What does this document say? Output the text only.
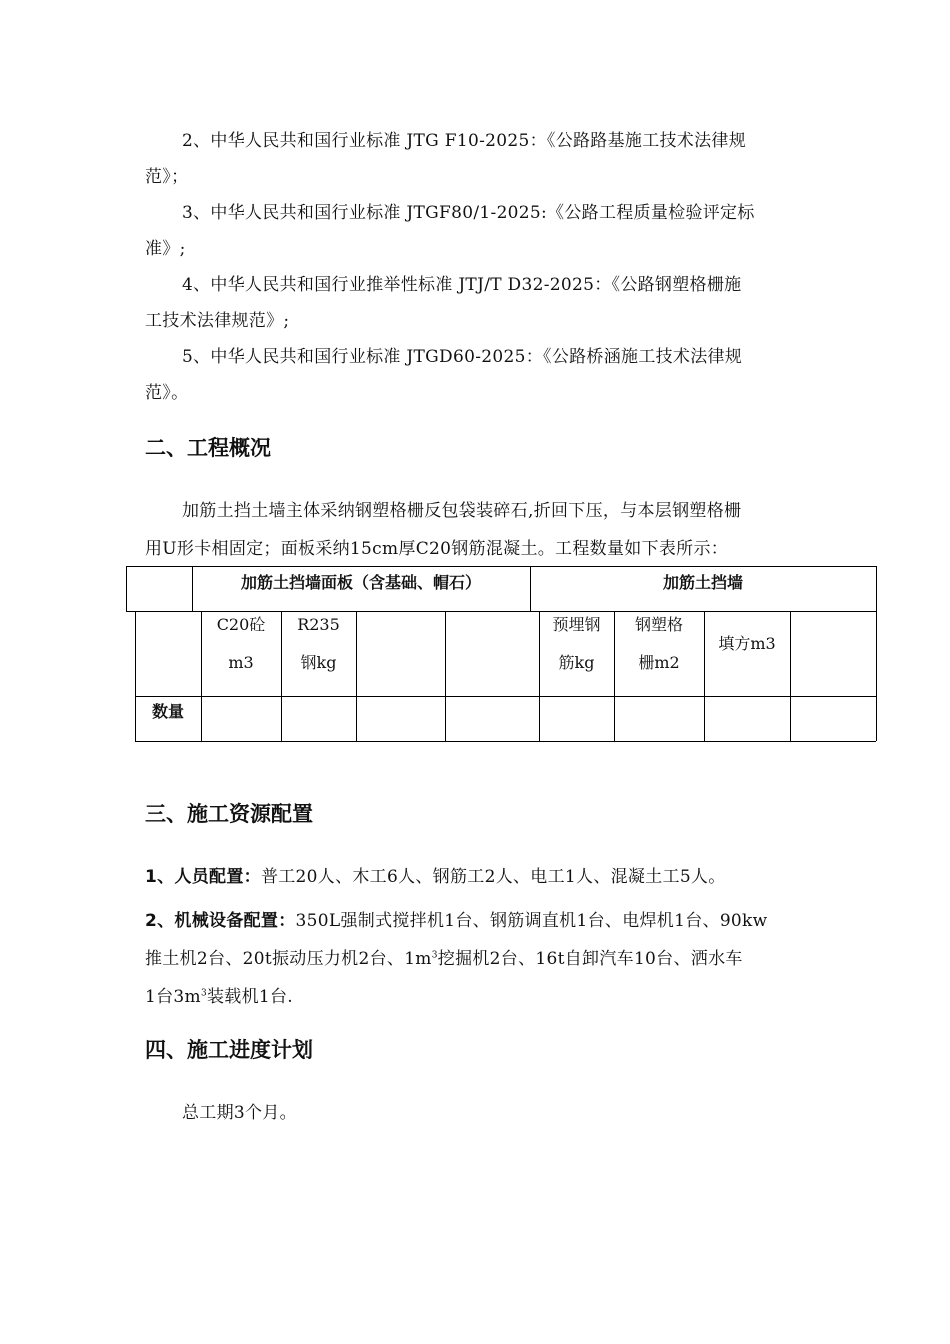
2、中华人民共和国行业标准 JTG F10-2025：《公路路基施工技术法律规
范》；
3、中华人民共和国行业标准 JTGF80/1-2025:《公路工程质量检验评定标
准》;
4、中华人民共和国行业推举性标准 JTJ/T D32-2025：《公路钢塑格栅施
工技术法律规范》;
5、中华人民共和国行业标准 JTGD60-2025：《公路桥涵施工技术法律规
范》。
二、工程概况
加筋土挡土墙主体采纳钢塑格栅反包袋装碎石,折回下压，与本层钢塑格栅
用U形卡相固定；面板采纳15cm厚C20钢筋混凝土。工程数量如下表所示：
加筋土挡墙面板（含基础、帽石）	加筋土挡墙
C20砼
m3
R235
钢kg
预埋钢
筋kg
钢塑格
栅m2
填方m3
数量
三、施工资源配置
1、人员配置：普工20人、木工6人、钢筋工2人、电工1人、混凝土工5人。
2、机械设备配置：350L强制式搅拌机1台、钢筋调直机1台、电焊机1台、90kw
推土机2台、20t振动压力机2台、$1m^3$挖掘机2台、16t自卸汽车10台、洒水车
1台$3m^3$装载机1台.
四、施工进度计划
总工期3个月。
